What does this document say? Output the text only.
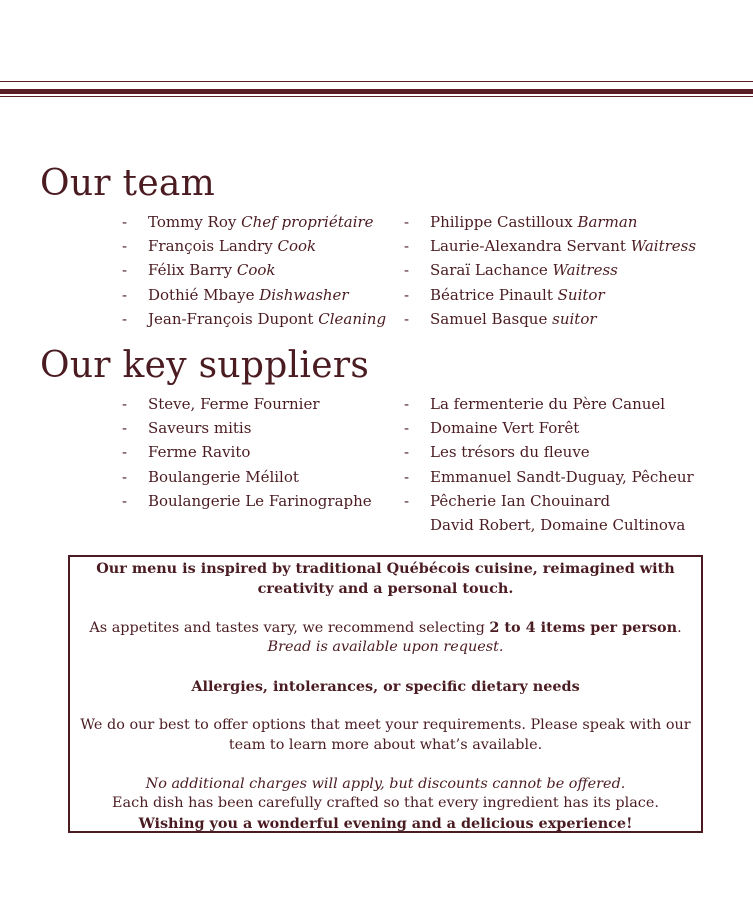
Our team
- Tommy Roy Chef propriétaire
- François Landry Cook
- Félix Barry Cook
- Dothié Mbaye Dishwasher
- Jean-François Dupont Cleaning
- Philippe Castilloux Barman
- Laurie-Alexandra Servant Waitress
- Saraï Lachance Waitress
- Béatrice Pinault Suitor
- Samuel Basque suitor
Our key suppliers
- Steve, Ferme Fournier
- Saveurs mitis
- Ferme Ravito
- Boulangerie Mélilot
- Boulangerie Le Farinographe
- La fermenterie du Père Canuel
- Domaine Vert Forêt
- Les trésors du fleuve
- Emmanuel Sandt-Duguay, Pêcheur
- Pêcherie Ian Chouinard
David Robert, Domaine Cultinova

Our menu is inspired by traditional Québécois cuisine, reimagined with creativity and a personal touch.

As appetites and tastes vary, we recommend selecting 2 to 4 items per person.

Bread is available upon request.

Allergies, intolerances, or specific dietary needs

We do our best to offer options that meet your requirements. Please speak with our team to learn more about what’s available.

No additional charges will apply, but discounts cannot be offered.

Each dish has been carefully crafted so that every ingredient has its place.

Wishing you a wonderful evening and a delicious experience!
